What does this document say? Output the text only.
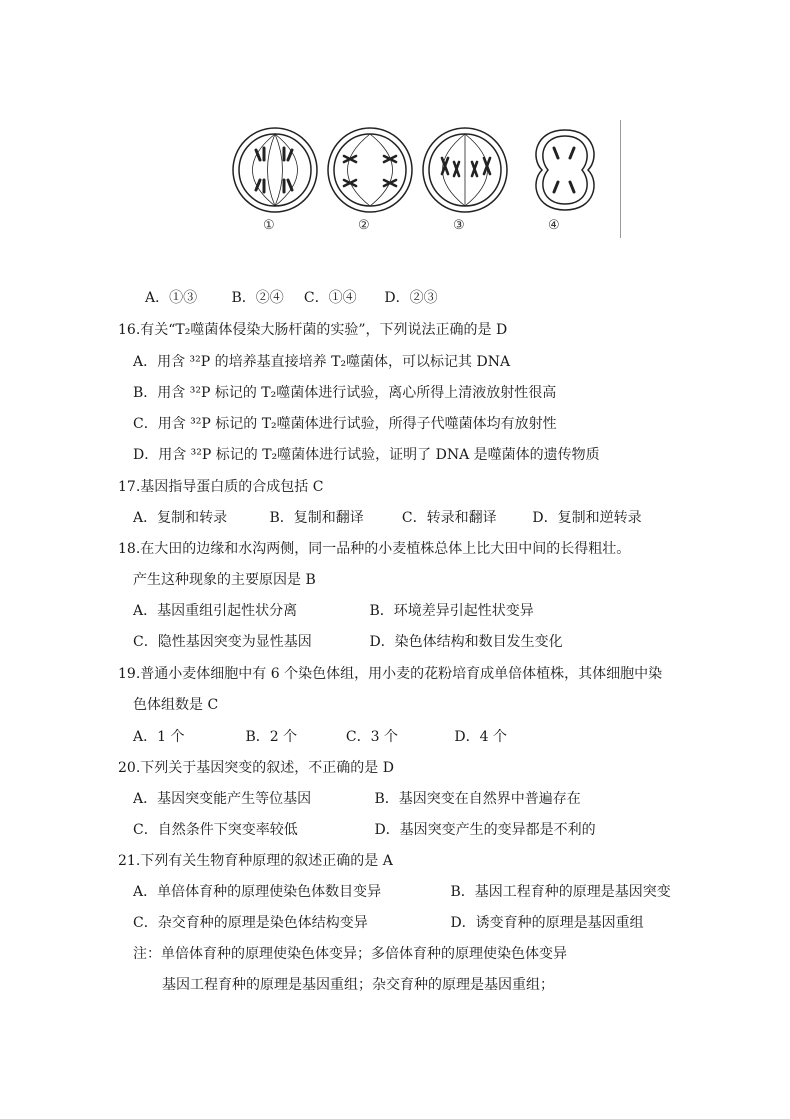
①	②	③	④
A．①③ B．②④ C．①④ D．②③
16.有关“T₂噬菌体侵染大肠杆菌的实验”，下列说法正确的是 D
A．用含 ³²P 的培养基直接培养 T₂噬菌体，可以标记其 DNA
B．用含 ³²P 标记的 T₂噬菌体进行试验，离心所得上清液放射性很高
C．用含 ³²P 标记的 T₂噬菌体进行试验，所得子代噬菌体均有放射性
D．用含 ³²P 标记的 T₂噬菌体进行试验，证明了 DNA 是噬菌体的遗传物质
17.基因指导蛋白质的合成包括 C
A．复制和转录	B．复制和翻译	C．转录和翻译	D．复制和逆转录
18.在大田的边缘和水沟两侧，同一品种的小麦植株总体上比大田中间的长得粗壮。
产生这种现象的主要原因是 B
A．基因重组引起性状分离	B．环境差异引起性状变异
C．隐性基因突变为显性基因	D．染色体结构和数目发生变化
19.普通小麦体细胞中有 6 个染色体组，用小麦的花粉培育成单倍体植株，其体细胞中染
色体组数是 C
A．1 个	B．2 个	C．3 个	D．4 个
20.下列关于基因突变的叙述，不正确的是 D
A．基因突变能产生等位基因	B．基因突变在自然界中普遍存在
C．自然条件下突变率较低	D．基因突变产生的变异都是不利的
21.下列有关生物育种原理的叙述正确的是 A
A．单倍体育种的原理使染色体数目变异	B．基因工程育种的原理是基因突变
C．杂交育种的原理是染色体结构变异	D．诱变育种的原理是基因重组
注：单倍体育种的原理使染色体变异；多倍体育种的原理使染色体变异
基因工程育种的原理是基因重组；杂交育种的原理是基因重组；
